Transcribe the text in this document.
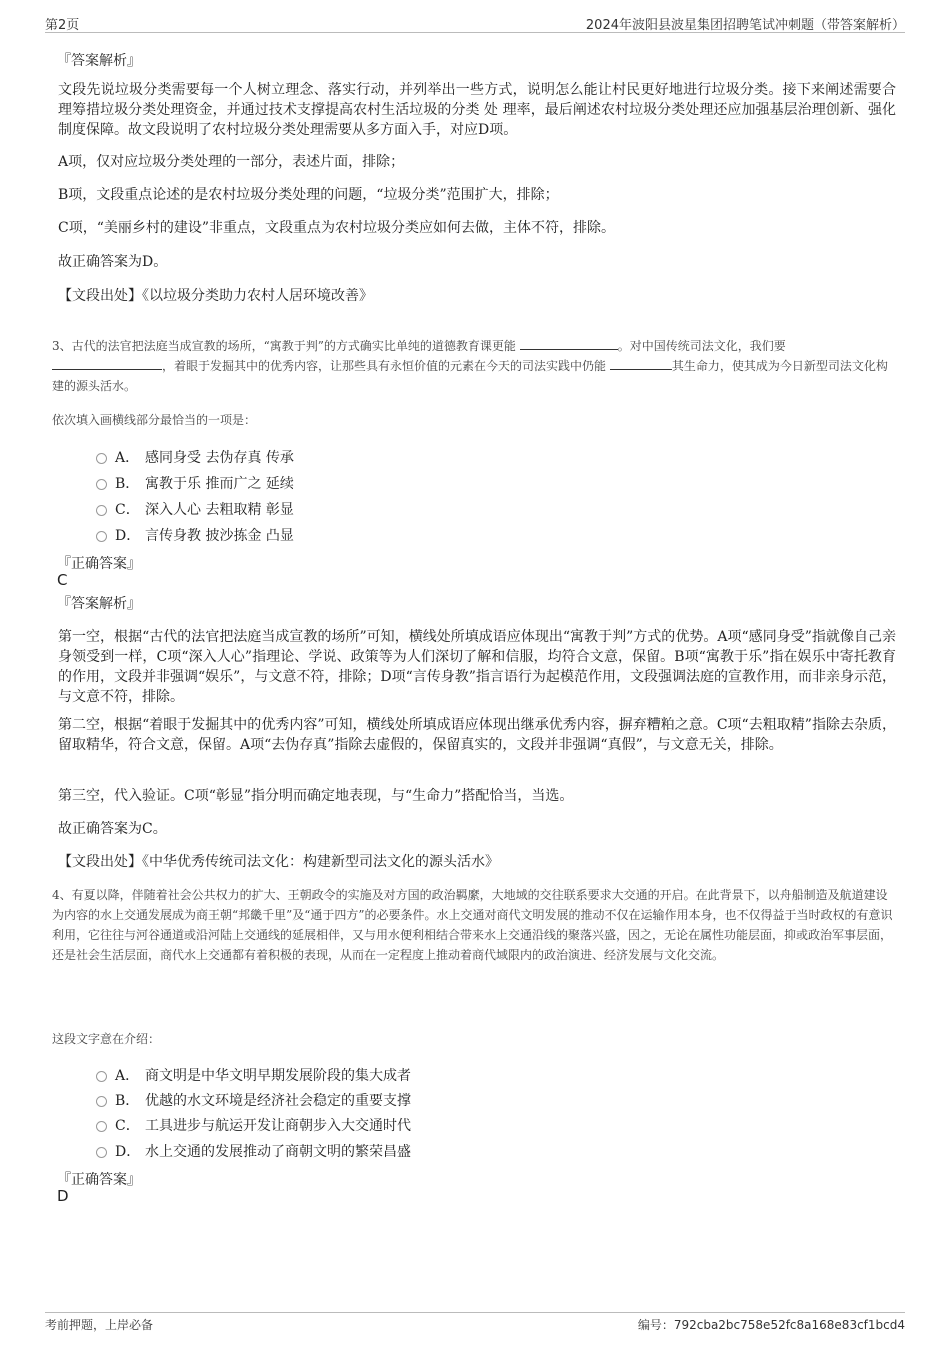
第2页	2024年波阳县波星集团招聘笔试冲刺题（带答案解析）
『答案解析』
文段先说垃圾分类需要每一个人树立理念、落实行动，并列举出一些方式，说明怎么能让村民更好地进行垃圾分类。接下来阐述需要合理筹措垃圾分类处理资金，并通过技术支撑提高农村生活垃圾的分类 处 理率，最后阐述农村垃圾分类处理还应加强基层治理创新、强化制度保障。故文段说明了农村垃圾分类处理需要从多方面入手，对应D项。
A项，仅对应垃圾分类处理的一部分，表述片面，排除；
B项，文段重点论述的是农村垃圾分类处理的问题，“垃圾分类”范围扩大，排除；
C项，“美丽乡村的建设”非重点，文段重点为农村垃圾分类应如何去做，主体不符，排除。
故正确答案为D。
【文段出处】《以垃圾分类助力农村人居环境改善》
3、古代的法官把法庭当成宣教的场所，“寓教于判”的方式确实比单纯的道德教育课更能	。对中国传统司法文化，我们要 ，着眼于发掘其中的优秀内容，让那些具有永恒价值的元素在今天的司法实践中仍能	其生命力，使其成为今日新型司法文化构建的源头活水。
依次填入画横线部分最恰当的一项是：
A． 感同身受 去伪存真 传承
B． 寓教于乐 推而广之 延续
C． 深入人心 去粗取精 彰显
D． 言传身教 披沙拣金 凸显
『正确答案』
C
『答案解析』
第一空，根据“古代的法官把法庭当成宣教的场所”可知，横线处所填成语应体现出“寓教于判”方式的优势。A项“感同身受”指就像自己亲身领受到一样，C项“深入人心”指理论、学说、政策等为人们深切了解和信服，均符合文意，保留。B项“寓教于乐”指在娱乐中寄托教育的作用，文段并非强调“娱乐”，与文意不符，排除；D项“言传身教”指言语行为起模范作用，文段强调法庭的宣教作用，而非亲身示范，与文意不符，排除。
第二空，根据“着眼于发掘其中的优秀内容”可知，横线处所填成语应体现出继承优秀内容，摒弃糟粕之意。C项“去粗取精”指除去杂质，留取精华，符合文意，保留。A项“去伪存真”指除去虚假的，保留真实的，文段并非强调“真假”，与文意无关，排除。
第三空，代入验证。C项“彰显”指分明而确定地表现，与“生命力”搭配恰当，当选。
故正确答案为C。
【文段出处】《中华优秀传统司法文化：构建新型司法文化的源头活水》
4、有夏以降，伴随着社会公共权力的扩大、王朝政令的实施及对方国的政治羁縻，大地域的交往联系要求大交通的开启。在此背景下，以舟船制造及航道建设为内容的水上交通发展成为商王朝“邦畿千里”及“通于四方”的必要条件。水上交通对商代文明发展的推动不仅在运输作用本身，也不仅得益于当时政权的有意识利用，它往往与河谷通道或沿河陆上交通线的延展相伴，又与用水便利相结合带来水上交通沿线的聚落兴盛，因之，无论在属性功能层面，抑或政治军事层面，还是社会生活层面，商代水上交通都有着积极的表现，从而在一定程度上推动着商代域限内的政治演进、经济发展与文化交流。
这段文字意在介绍：
A． 商文明是中华文明早期发展阶段的集大成者
B． 优越的水文环境是经济社会稳定的重要支撑
C． 工具进步与航运开发让商朝步入大交通时代
D． 水上交通的发展推动了商朝文明的繁荣昌盛
『正确答案』
D
考前押题，上岸必备	编号：792cba2bc758e52fc8a168e83cf1bcd4
